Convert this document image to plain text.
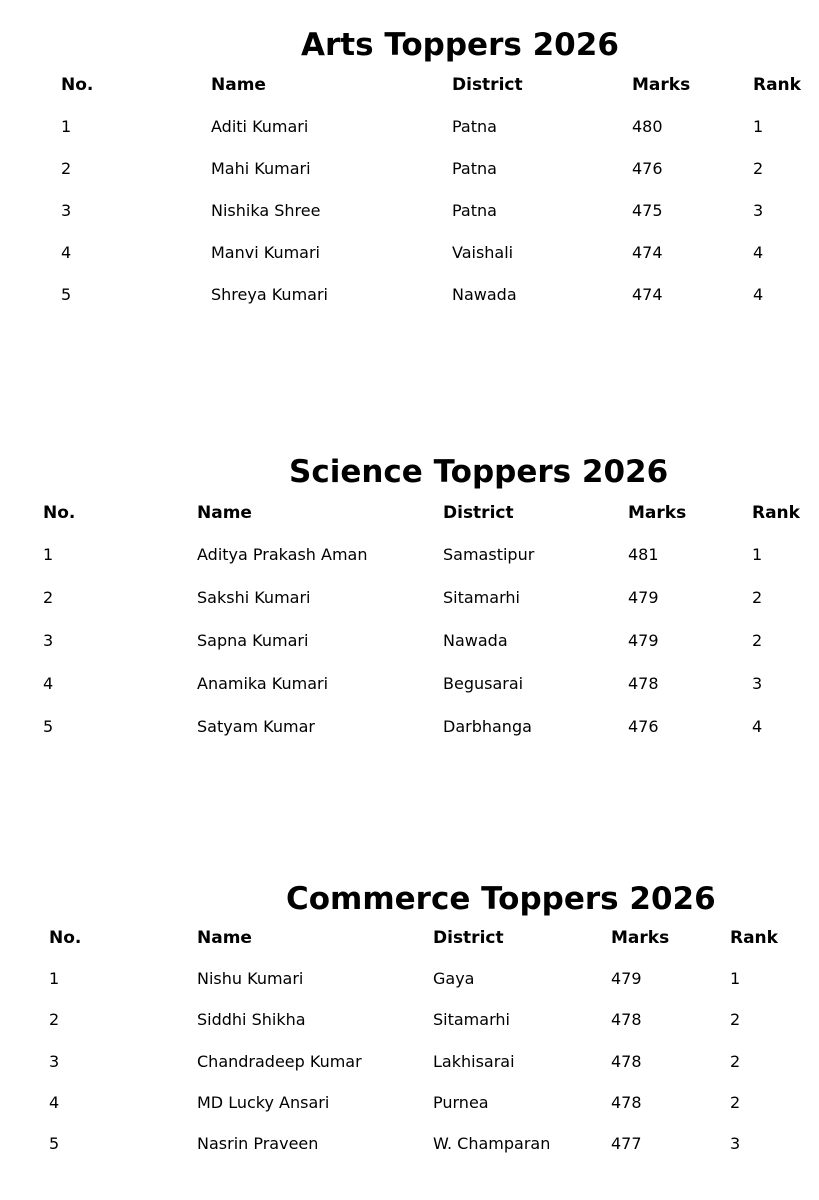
Arts Toppers 2026
No.	Name	District	Marks	Rank
1	Aditi Kumari	Patna	480	1
2	Mahi Kumari	Patna	476	2
3	Nishika Shree	Patna	475	3
4	Manvi Kumari	Vaishali	474	4
5	Shreya Kumari	Nawada	474	4
Science Toppers 2026
No.	Name	District	Marks	Rank
1	Aditya Prakash Aman	Samastipur	481	1
2	Sakshi Kumari	Sitamarhi	479	2
3	Sapna Kumari	Nawada	479	2
4	Anamika Kumari	Begusarai	478	3
5	Satyam Kumar	Darbhanga	476	4
Commerce Toppers 2026
No.	Name	District	Marks	Rank
1	Nishu Kumari	Gaya	479	1
2	Siddhi Shikha	Sitamarhi	478	2
3	Chandradeep Kumar	Lakhisarai	478	2
4	MD Lucky Ansari	Purnea	478	2
5	Nasrin Praveen	W. Champaran	477	3
